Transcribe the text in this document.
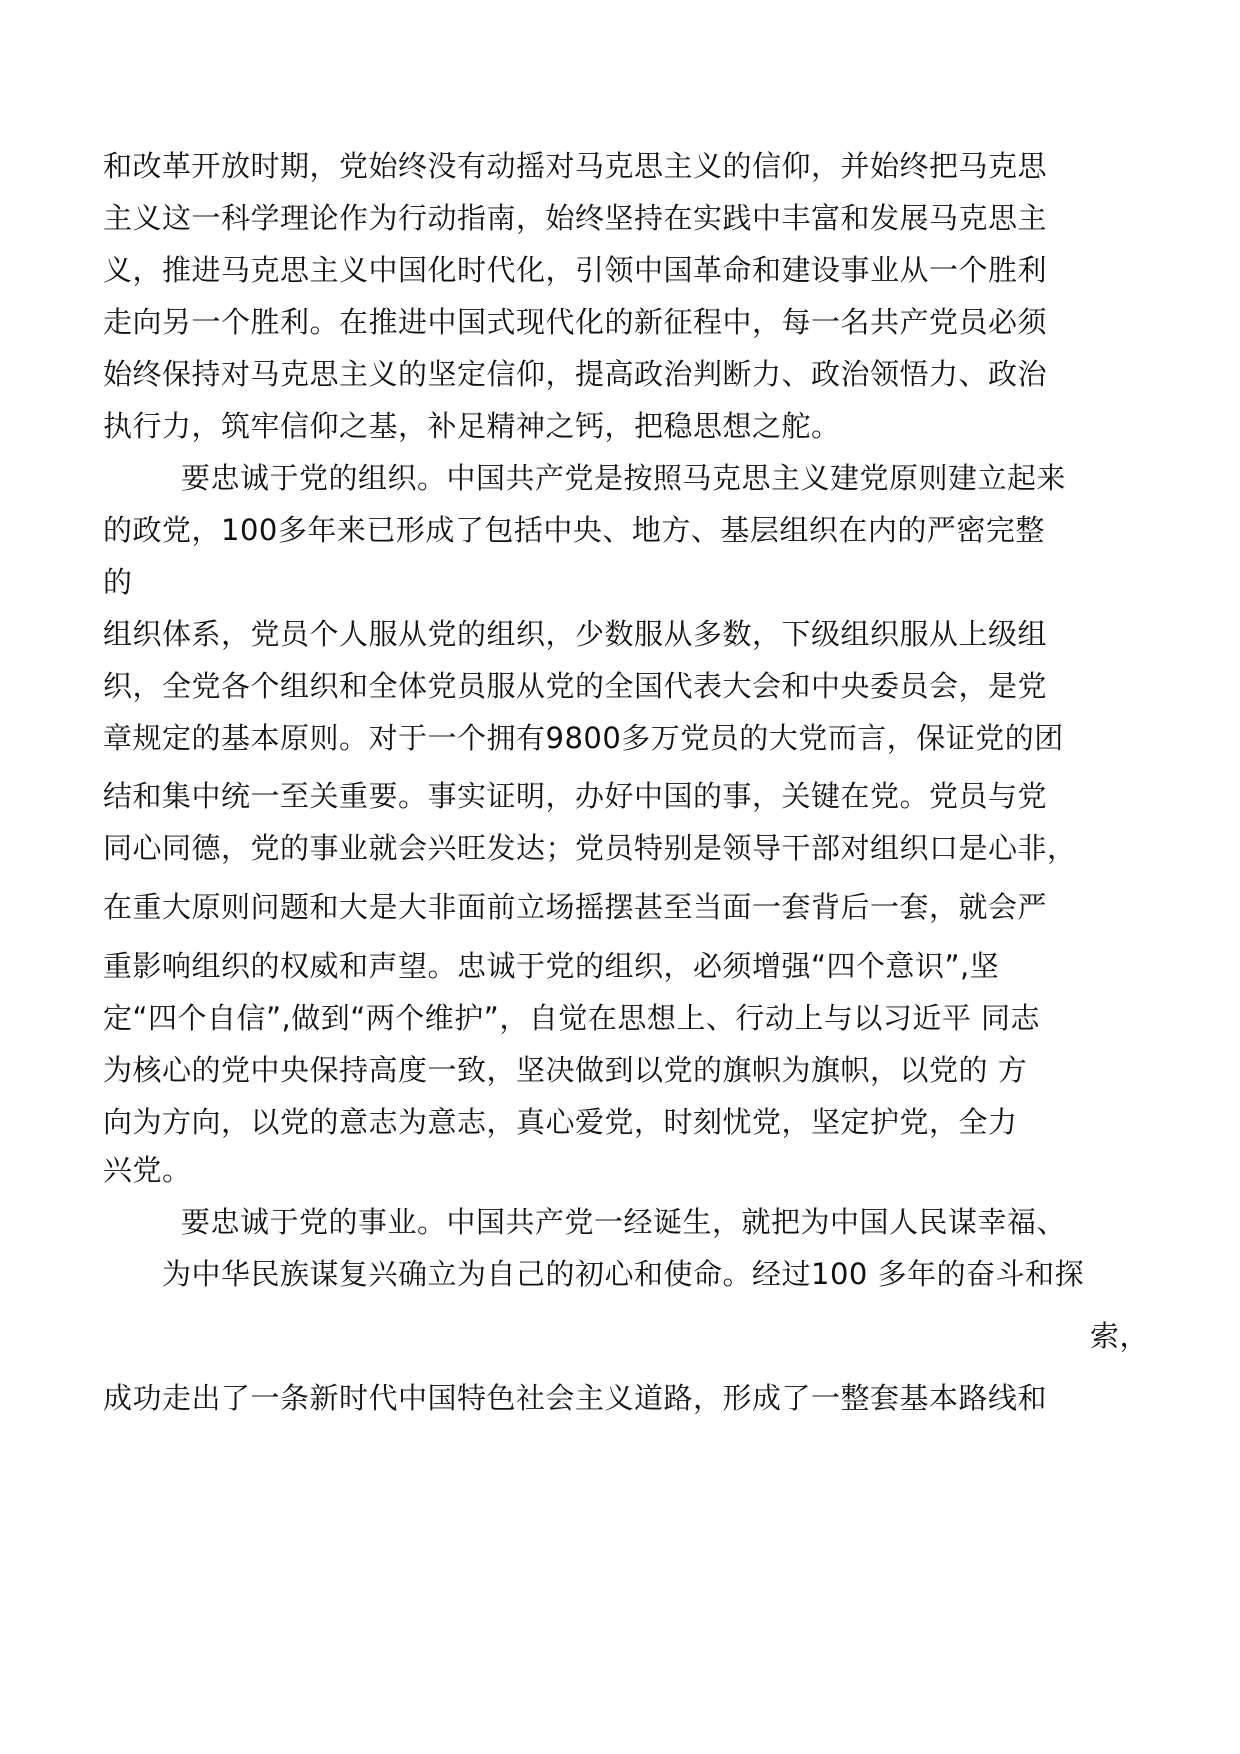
和改革开放时期，党始终没有动摇对马克思主义的信仰，并始终把马克思
主义这一科学理论作为行动指南，始终坚持在实践中丰富和发展马克思主
义，推进马克思主义中国化时代化，引领中国革命和建设事业从一个胜利
走向另一个胜利。在推进中国式现代化的新征程中，每一名共产党员必须
始终保持对马克思主义的坚定信仰，提高政治判断力、政治领悟力、政治
执行力，筑牢信仰之基，补足精神之钙，把稳思想之舵。
要忠诚于党的组织。中国共产党是按照马克思主义建党原则建立起来
的政党，100多年来已形成了包括中央、地方、基层组织在内的严密完整
的
组织体系，党员个人服从党的组织，少数服从多数，下级组织服从上级组
织，全党各个组织和全体党员服从党的全国代表大会和中央委员会，是党
章规定的基本原则。对于一个拥有9800多万党员的大党而言，保证党的团
结和集中统一至关重要。事实证明，办好中国的事，关键在党。党员与党
同心同德，党的事业就会兴旺发达；党员特别是领导干部对组织口是心非，
在重大原则问题和大是大非面前立场摇摆甚至当面一套背后一套，就会严
重影响组织的权威和声望。忠诚于党的组织，必须增强“四个意识”,坚
定“四个自信”,做到“两个维护”，自觉在思想上、行动上与以习近平 同志
为核心的党中央保持高度一致，坚决做到以党的旗帜为旗帜，以党的 方
向为方向，以党的意志为意志，真心爱党，时刻忧党，坚定护党，全力
兴党。
要忠诚于党的事业。中国共产党一经诞生，就把为中国人民谋幸福、
为中华民族谋复兴确立为自己的初心和使命。经过100 多年的奋斗和探
索，
成功走出了一条新时代中国特色社会主义道路，形成了一整套基本路线和
